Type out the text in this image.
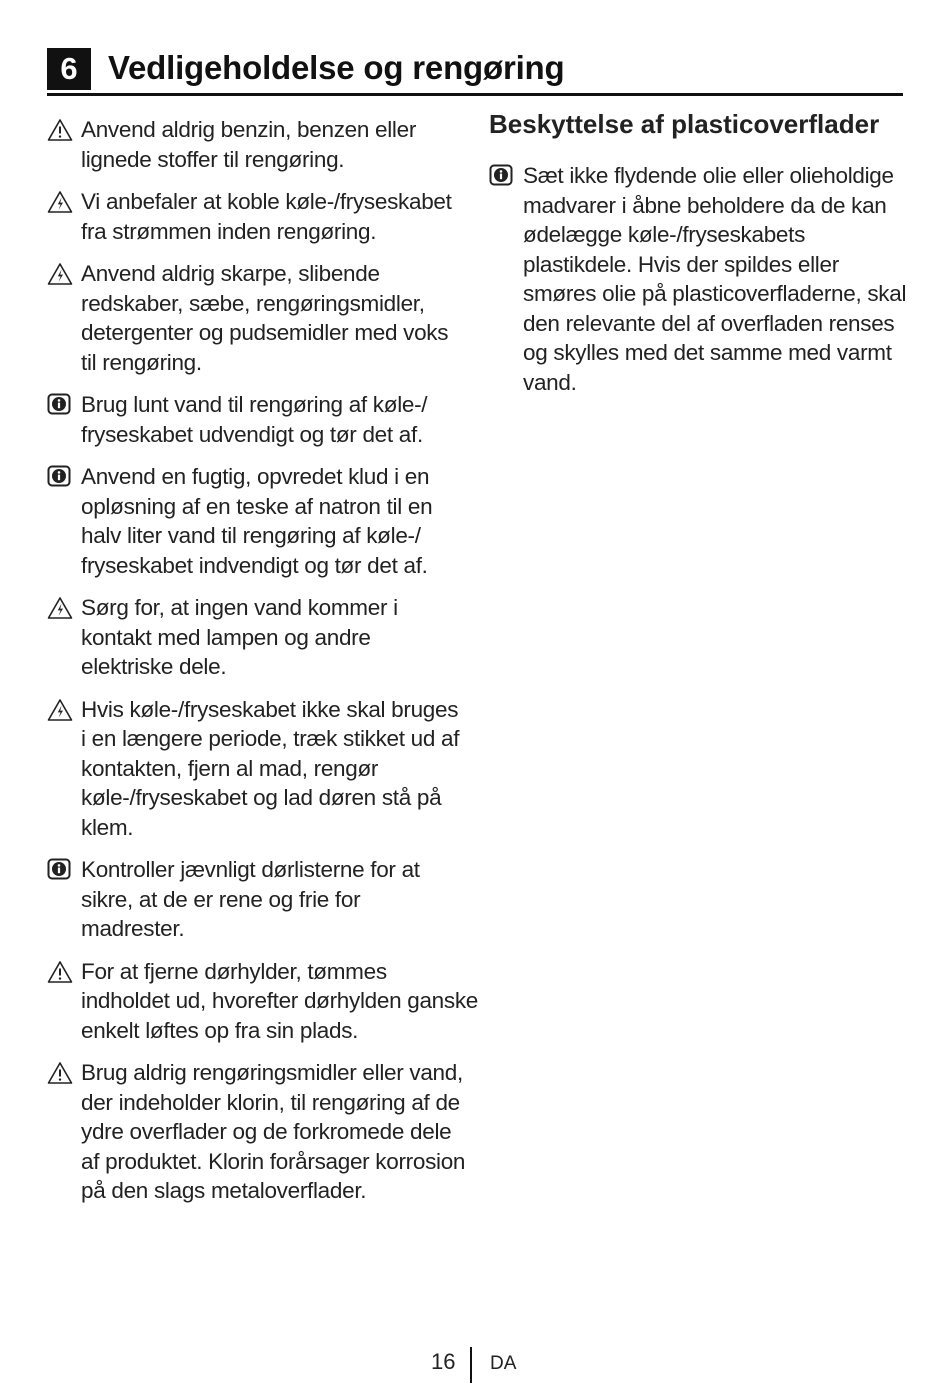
6 Vedligeholdelse og rengøring
Anvend aldrig benzin, benzen eller lignede stoffer til rengøring.
Vi anbefaler at koble køle-/fryseskabet fra strømmen inden rengøring.
Anvend aldrig skarpe, slibende redskaber, sæbe, rengøringsmidler, detergenter og pudsemidler med voks til rengøring.
Brug lunt vand til rengøring af køle-/ fryseskabet udvendigt og tør det af.
Anvend en fugtig, opvredet klud i en opløsning af en teske af natron til en halv liter vand til rengøring af køle-/ fryseskabet indvendigt og tør det af.
Sørg for, at ingen vand kommer i kontakt med lampen og andre elektriske dele.
Hvis køle-/fryseskabet ikke skal bruges i en længere periode, træk stikket ud af kontakten, fjern al mad, rengør køle-/fryseskabet og lad døren stå på klem.
Kontroller jævnligt dørlisterne for at sikre, at de er rene og frie for madrester.
For at fjerne dørhylder, tømmes indholdet ud, hvorefter dørhylden ganske enkelt løftes op fra sin plads.
Brug aldrig rengøringsmidler eller vand, der indeholder klorin, til rengøring af de ydre overflader og de forkromede dele af produktet. Klorin forårsager korrosion på den slags metaloverflader.
Beskyttelse af plasticoverflader
Sæt ikke flydende olie eller olieholdige madvarer i åbne beholdere da de kan ødelægge køle-/fryseskabets plastikdele. Hvis der spildes eller smøres olie på plasticoverfladerne, skal den relevante del af overfladen renses og skylles med det samme med varmt vand.
16 DA
